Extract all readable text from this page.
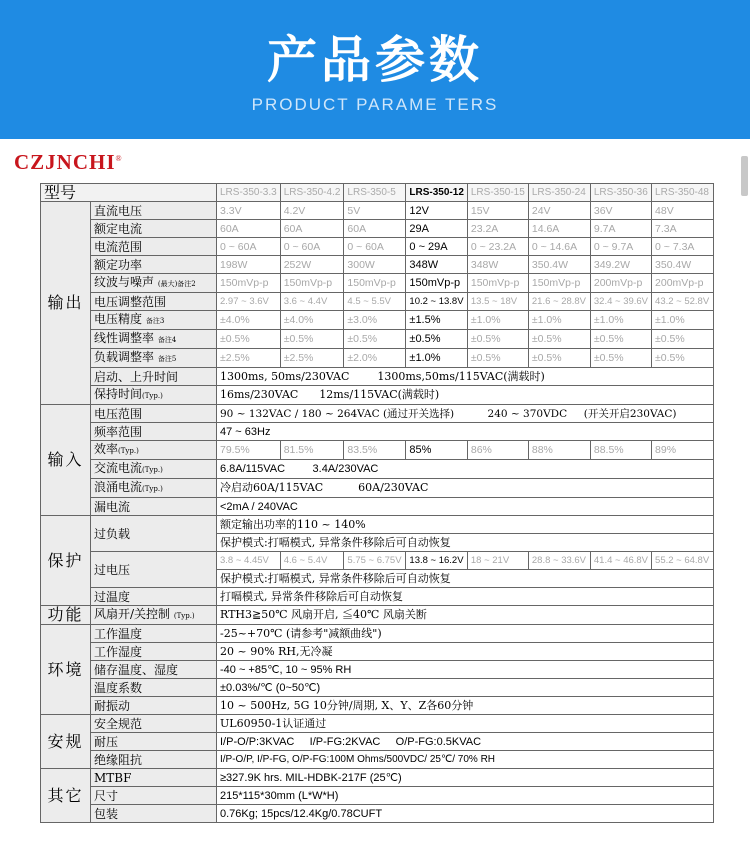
产品参数
PRODUCT PARAME TERS
CZJNCHI®
型号		LRS-350-3.3	LRS-350-4.2	LRS-350-5	LRS-350-12	LRS-350-15	LRS-350-24	LRS-350-36	LRS-350-48
输出	直流电压	3.3V	4.2V	5V	12V	15V	24V	36V	48V
	额定电流	60A	60A	60A	29A	23.2A	14.6A	9.7A	7.3A
	电流范围	0 ~ 60A	0 ~ 60A	0 ~ 60A	0 ~ 29A	0 ~ 23.2A	0 ~ 14.6A	0 ~ 9.7A	0 ~ 7.3A
	额定功率	198W	252W	300W	348W	348W	350.4W	349.2W	350.4W
	纹波与噪声 (最大)备注2	150mVp-p	150mVp-p	150mVp-p	150mVp-p	150mVp-p	150mVp-p	200mVp-p	200mVp-p
	电压调整范围	2.97 ~ 3.6V	3.6 ~ 4.4V	4.5 ~ 5.5V	10.2 ~ 13.8V	13.5 ~ 18V	21.6 ~ 28.8V	32.4 ~ 39.6V	43.2 ~ 52.8V
	电压精度 备注3	±4.0%	±4.0%	±3.0%	±1.5%	±1.0%	±1.0%	±1.0%	±1.0%
	线性调整率 备注4	±0.5%	±0.5%	±0.5%	±0.5%	±0.5%	±0.5%	±0.5%	±0.5%
	负载调整率 备注5	±2.5%	±2.5%	±2.0%	±1.0%	±0.5%	±0.5%	±0.5%	±0.5%
	启动、上升时间	1300ms, 50ms/230VAC        1300ms,50ms/115VAC(满载时)							
	保持时间(Typ.)	16ms/230VAC      12ms/115VAC(满载时)							
输入	电压范围	90 ~ 132VAC / 180 ~ 264VAC (通过开关选择)          240 ~ 370VDC     (开关开启230VAC)							
	频率范围	47 ~ 63Hz							
	效率(Typ.)	79.5%	81.5%	83.5%	85%	86%	88%	88.5%	89%
	交流电流(Typ.)	6.8A/115VAC         3.4A/230VAC							
	浪涌电流(Typ.)	冷启动60A/115VAC          60A/230VAC							
	漏电流	<2mA / 240VAC							
保护	过负载	额定输出功率的110 ~ 140%							
		保护模式:打嗝模式, 异常条件移除后可自动恢复							
	过电压	3.8 ~ 4.45V	4.6 ~ 5.4V	5.75 ~ 6.75V	13.8 ~ 16.2V	18 ~ 21V	28.8 ~ 33.6V	41.4 ~ 46.8V	55.2 ~ 64.8V
		保护模式:打嗝模式, 异常条件移除后可自动恢复							
	过温度	打嗝模式, 异常条件移除后可自动恢复							
功能	风扇开/关控制 (Typ.)	RTH3≧50℃ 风扇开启, ≦40℃ 风扇关断							
环境	工作温度	-25~+70℃ (请参考"减额曲线")							
	工作湿度	20 ~ 90% RH,无冷凝							
	储存温度、湿度	-40 ~ +85℃, 10 ~ 95% RH							
	温度系数	±0.03%/℃ (0~50℃)							
	耐振动	10 ~ 500Hz, 5G 10分钟/周期, X、Y、Z各60分钟							
安规	安全规范	UL60950-1认证通过							
	耐压	I/P-O/P:3KVAC     I/P-FG:2KVAC     O/P-FG:0.5KVAC							
	绝缘阻抗	I/P-O/P, I/P-FG, O/P-FG:100M Ohms/500VDC/ 25℃/ 70% RH							
其它	MTBF	≥327.9K hrs. MIL-HDBK-217F (25℃)							
	尺寸	215*115*30mm (L*W*H)							
	包装	0.76Kg; 15pcs/12.4Kg/0.78CUFT							
